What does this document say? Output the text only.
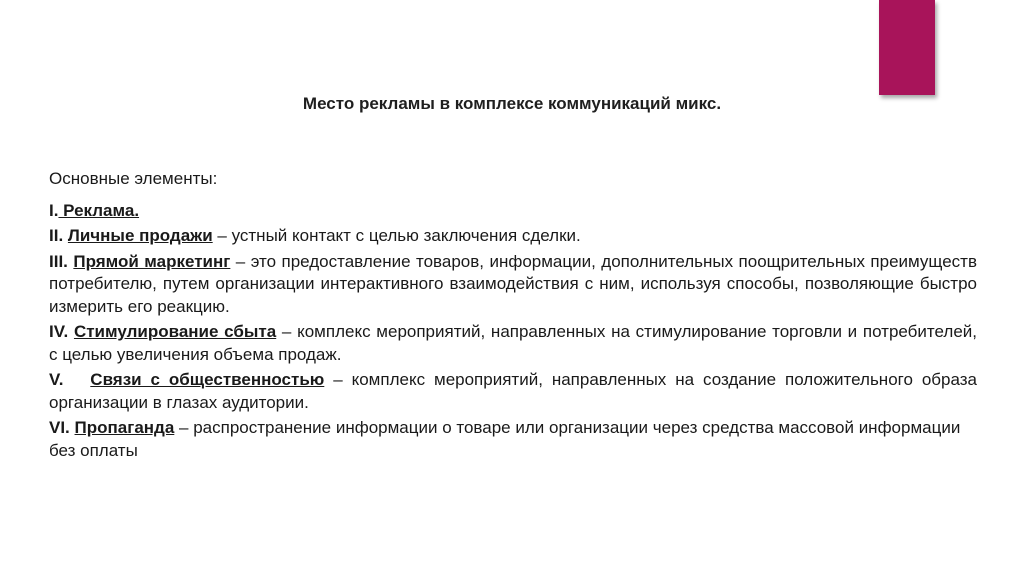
Место рекламы в комплексе коммуникаций микс.

Основные элементы:

I. Реклама.

II. Личные продажи – устный контакт с целью заключения сделки.

III. Прямой маркетинг – это предоставление товаров, информации, дополнительных поощрительных преимуществ потребителю, путем организации интерактивного взаимодействия с ним, используя способы, позволяющие быстро измерить его реакцию.

IV. Стимулирование сбыта – комплекс мероприятий, направленных на стимулирование торговли и потребителей, с целью увеличения объема продаж.

V. Связи с общественностью – комплекс мероприятий, направленных на создание положительного образа организации в глазах аудитории.

VI. Пропаганда – распространение информации о товаре или организации через средства массовой информации без оплаты
